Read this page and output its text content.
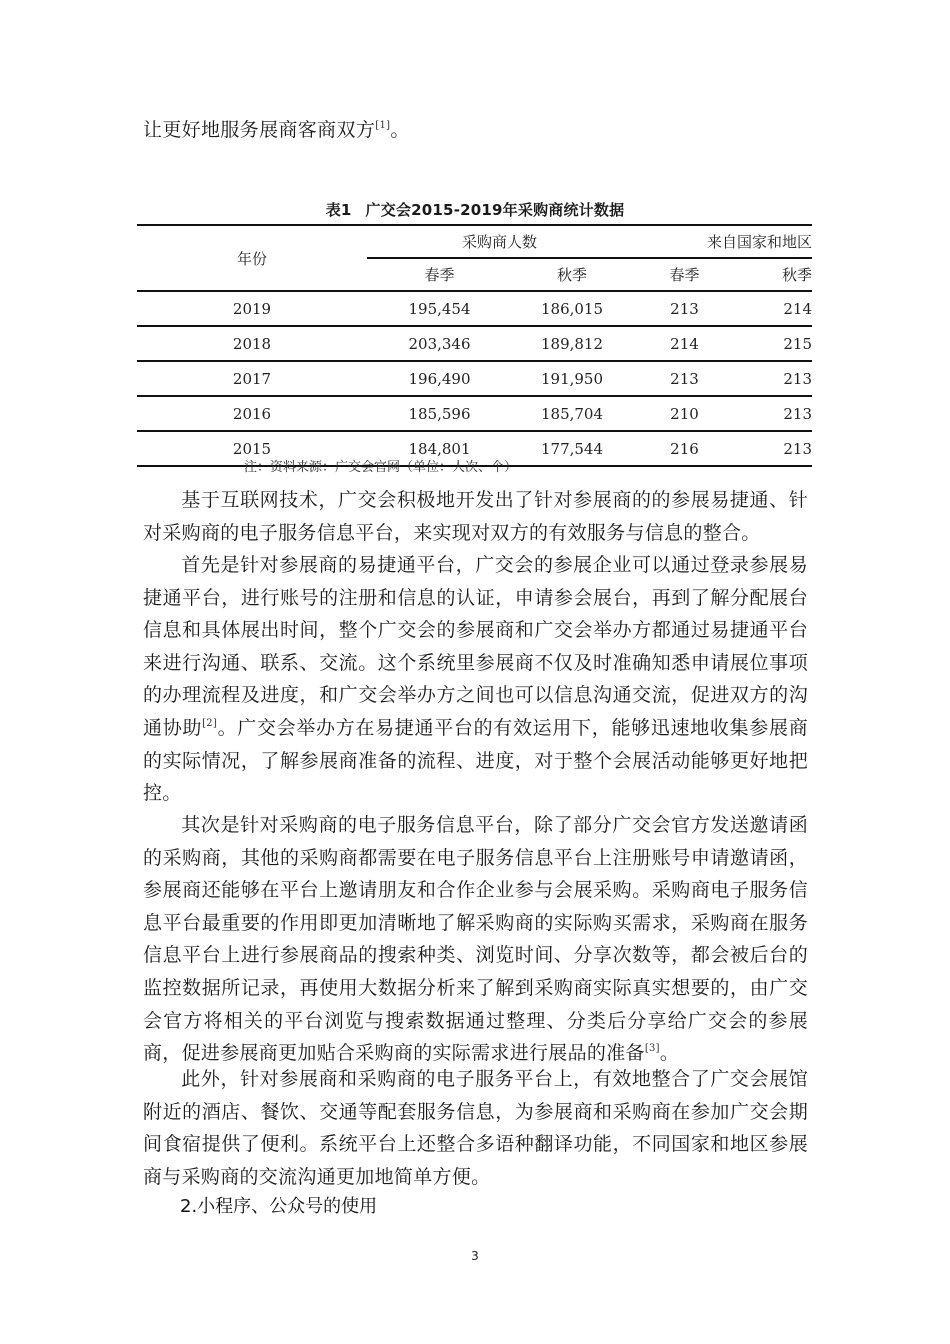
让更好地服务展商客商双方[1]。
表1 广交会2015-2019年采购商统计数据
年份	采购商人数		来自国家和地区	
	春季	秋季	春季	秋季
2019	195,454	186,015	213	214
2018	203,346	189,812	214	215
2017	196,490	191,950	213	213
2016	185,596	185,704	210	213
2015	184,801	177,544	216	213
注：资料来源：广交会官网（单位：人次、个）
基于互联网技术，广交会积极地开发出了针对参展商的的参展易捷通、针对采购商的电子服务信息平台，来实现对双方的有效服务与信息的整合。
首先是针对参展商的易捷通平台，广交会的参展企业可以通过登录参展易捷通平台，进行账号的注册和信息的认证，申请参会展台，再到了解分配展台信息和具体展出时间，整个广交会的参展商和广交会举办方都通过易捷通平台来进行沟通、联系、交流。这个系统里参展商不仅及时准确知悉申请展位事项的办理流程及进度，和广交会举办方之间也可以信息沟通交流，促进双方的沟通协助[2]。广交会举办方在易捷通平台的有效运用下，能够迅速地收集参展商的实际情况，了解参展商准备的流程、进度，对于整个会展活动能够更好地把控。
其次是针对采购商的电子服务信息平台，除了部分广交会官方发送邀请函的采购商，其他的采购商都需要在电子服务信息平台上注册账号申请邀请函，参展商还能够在平台上邀请朋友和合作企业参与会展采购。采购商电子服务信息平台最重要的作用即更加清晰地了解采购商的实际购买需求，采购商在服务信息平台上进行参展商品的搜索种类、浏览时间、分享次数等，都会被后台的监控数据所记录，再使用大数据分析来了解到采购商实际真实想要的，由广交会官方将相关的平台浏览与搜索数据通过整理、分类后分享给广交会的参展商，促进参展商更加贴合采购商的实际需求进行展品的准备[3]。
此外，针对参展商和采购商的电子服务平台上，有效地整合了广交会展馆附近的酒店、餐饮、交通等配套服务信息，为参展商和采购商在参加广交会期间食宿提供了便利。系统平台上还整合多语种翻译功能，不同国家和地区参展商与采购商的交流沟通更加地简单方便。
2.小程序、公众号的使用
3
